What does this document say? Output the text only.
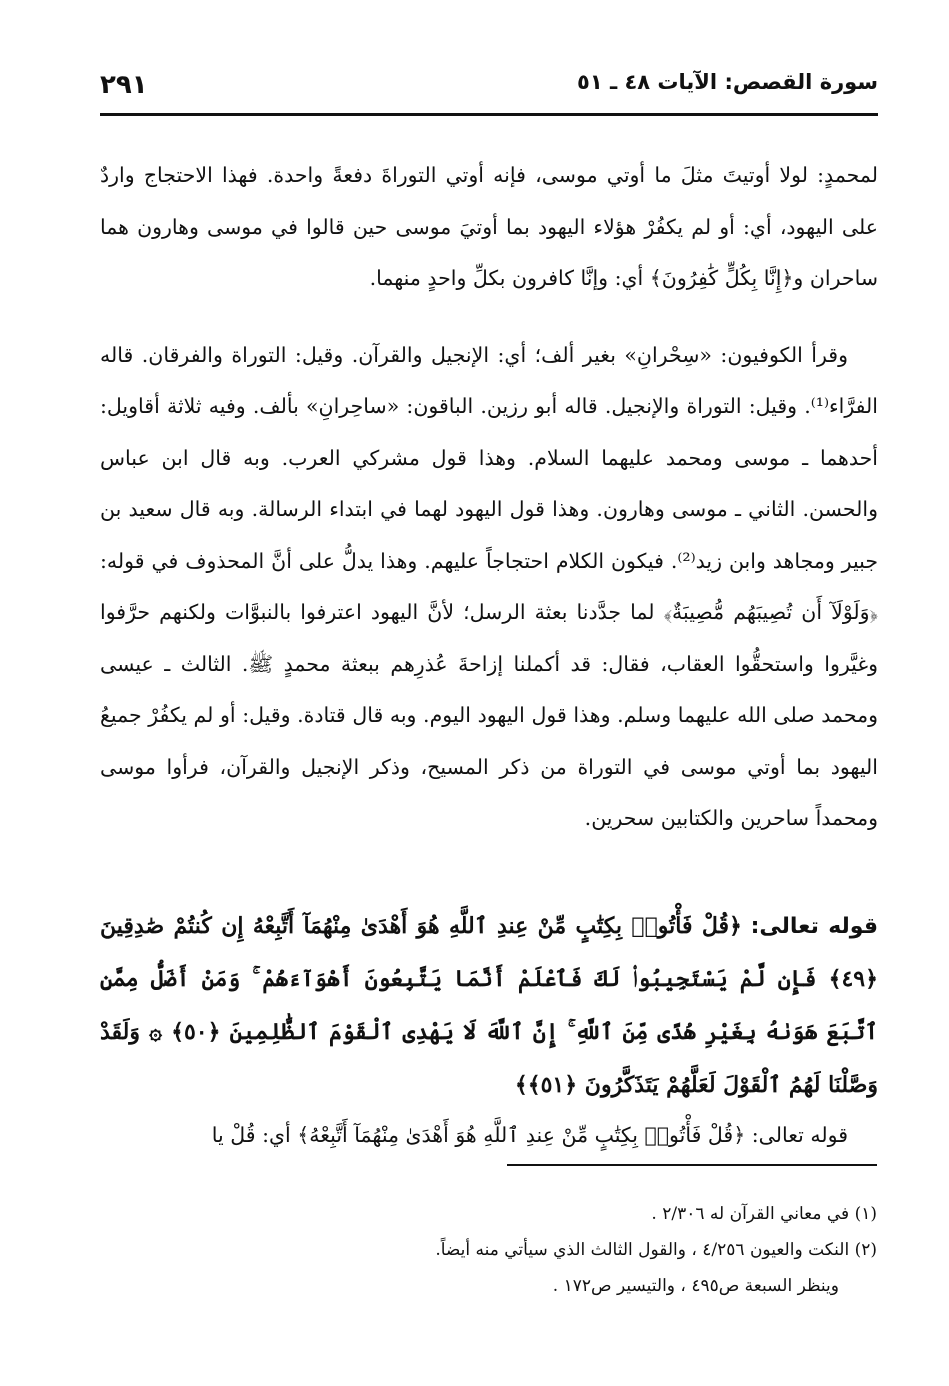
سورة القصص: الآيات ٤٨ ـ ٥١
٢٩١

لمحمدٍ: لولا أوتيتَ مثلَ ما أوتي موسى، فإنه أوتي التوراةَ دفعةً واحدة. فهذا الاحتجاج واردٌ على اليهود، أي: أو لم يكفُرْ هؤلاء اليهود بما أوتيَ موسى حين قالوا في موسى وهارون هما ساحران و﴿إِنَّا بِكُلٍّ كَٰفِرُونَ﴾ أي: وإنَّا كافرون بكلِّ واحدٍ منهما.

وقرأ الكوفيون: «سِحْرانِ» بغير ألف؛ أي: الإنجيل والقرآن. وقيل: التوراة والفرقان. قاله الفرَّاء⁽¹⁾. وقيل: التوراة والإنجيل. قاله أبو رزين. الباقون: «ساحِرانِ» بألف. وفيه ثلاثة أقاويل: أحدهما ـ موسى ومحمد عليهما السلام. وهذا قول مشركي العرب. وبه قال ابن عباس والحسن. الثاني ـ موسى وهارون. وهذا قول اليهود لهما في ابتداء الرسالة. وبه قال سعيد بن جبير ومجاهد وابن زيد⁽²⁾. فيكون الكلام احتجاجاً عليهم. وهذا يدلُّ على أنَّ المحذوف في قوله: ﴿وَلَوْلَآ أَن تُصِيبَهُم مُّصِيبَةٌ﴾ لما جدَّدنا بعثة الرسل؛ لأنَّ اليهود اعترفوا بالنبوَّات ولكنهم حرَّفوا وغيَّروا واستحقُّوا العقاب، فقال: قد أكملنا إزاحةَ عُذرِهم ببعثة محمدٍ ﷺ. الثالث ـ عيسى ومحمد صلى الله عليهما وسلم. وهذا قول اليهود اليوم. وبه قال قتادة. وقيل: أو لم يكفُرْ جميعُ اليهود بما أوتي موسى في التوراة من ذكر المسيح، وذكر الإنجيل والقرآن، فرأوا موسى ومحمداً ساحرين والكتابين سحرين.

قوله تعالى: ﴿قُلْ فَأْتُوا۟ بِكِتَٰبٍ مِّنْ عِندِ ٱللَّهِ هُوَ أَهْدَىٰ مِنْهُمَآ أَتَّبِعْهُ إِن كُنتُمْ صَٰدِقِينَ ﴿٤٩﴾ فَإِن لَّمْ يَسْتَجِيبُوا۟ لَكَ فَٱعْلَمْ أَنَّمَا يَتَّبِعُونَ أَهْوَآءَهُمْ ۚ وَمَنْ أَضَلُّ مِمَّنِ ٱتَّبَعَ هَوَىٰهُ بِغَيْرِ هُدًى مِّنَ ٱللَّهِ ۚ إِنَّ ٱللَّهَ لَا يَهْدِى ٱلْقَوْمَ ٱلظَّٰلِمِينَ ﴿٥٠﴾ ۞ وَلَقَدْ وَصَّلْنَا لَهُمُ ٱلْقَوْلَ لَعَلَّهُمْ يَتَذَكَّرُونَ ﴿٥١﴾﴾
قوله تعالى: ﴿قُلْ فَأْتُوا۟ بِكِتَٰبٍ مِّنْ عِندِ ٱللَّهِ هُوَ أَهْدَىٰ مِنْهُمَآ أَتَّبِعْهُ﴾ أي: قُلْ يا

(١) في معاني القرآن له ٢/٣٠٦ .

(٢) النكت والعيون ٤/٢٥٦ ، والقول الثالث الذي سيأتي منه أيضاً.

وينظر السبعة ص٤٩٥ ، والتيسير ص١٧٢ .
